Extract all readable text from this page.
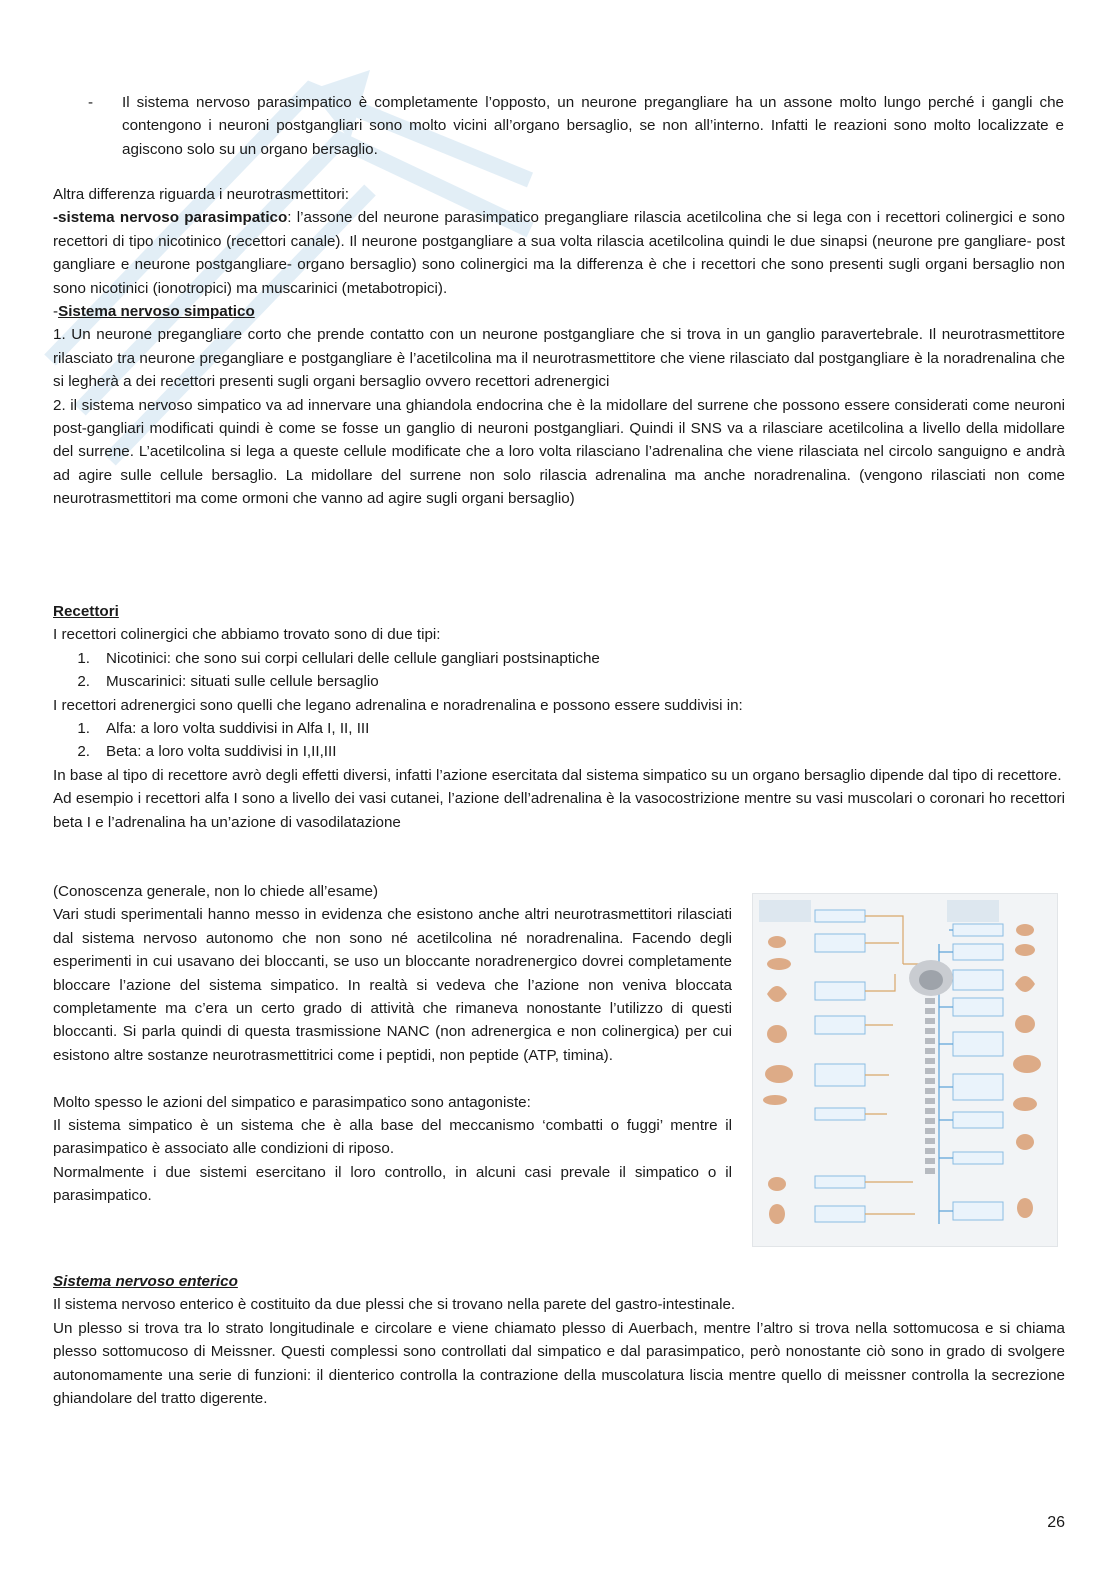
-	Il sistema nervoso parasimpatico è completamente l’opposto, un neurone pregangliare ha un assone molto lungo perché i gangli che contengono i neuroni postgangliari sono molto vicini all’organo bersaglio, se non all’interno. Infatti le reazioni sono molto localizzate e agiscono solo su un organo bersaglio.

Altra differenza riguarda i neurotrasmettitori:

-sistema nervoso parasimpatico: l’assone del neurone parasimpatico pregangliare rilascia acetilcolina che si lega con i recettori colinergici e sono recettori di tipo nicotinico (recettori canale). Il neurone postgangliare a sua volta rilascia acetilcolina quindi le due sinapsi (neurone pre gangliare- post gangliare e neurone postgangliare- organo bersaglio) sono colinergici ma la differenza è che i recettori che sono presenti sugli organi bersaglio non sono nicotinici (ionotropici) ma muscarinici (metabotropici).

-Sistema nervoso simpatico

1. Un neurone pregangliare corto che prende contatto con un neurone postgangliare che si trova in un ganglio paravertebrale. Il neurotrasmettitore rilasciato tra neurone pregangliare e postgangliare è l’acetilcolina ma il neurotrasmettitore che viene rilasciato dal postgangliare è la noradrenalina che si legherà a dei recettori presenti sugli organi bersaglio ovvero recettori adrenergici

2. il sistema nervoso simpatico va ad innervare una ghiandola endocrina che è la midollare del surrene che possono essere considerati come neuroni post-gangliari modificati quindi è come se fosse un ganglio di neuroni postgangliari. Quindi il SNS va a rilasciare acetilcolina a livello della midollare del surrene. L’acetilcolina si lega a queste cellule modificate che a loro volta rilasciano l’adrenalina che viene rilasciata nel circolo sanguigno e andrà ad agire sulle cellule bersaglio. La midollare del surrene non solo rilascia adrenalina ma anche noradrenalina. (vengono rilasciati non come neurotrasmettitori ma come ormoni che vanno ad agire sugli organi bersaglio)

Recettori

I recettori colinergici che abbiamo trovato sono di due tipi:

1.	Nicotinici: che sono sui corpi cellulari delle cellule gangliari postsinaptiche
2.	Muscarinici: situati sulle cellule bersaglio

I recettori adrenergici sono quelli che legano adrenalina e noradrenalina e possono essere suddivisi in:

1.	Alfa: a loro volta suddivisi in Alfa I, II, III
2.	Beta: a loro volta suddivisi in I,II,III

In base al tipo di recettore avrò degli effetti diversi, infatti l’azione esercitata dal sistema simpatico su un organo bersaglio dipende dal tipo di recettore.

Ad esempio i recettori alfa I sono a livello dei vasi cutanei, l’azione dell’adrenalina è la vasocostrizione mentre su vasi muscolari o coronari ho recettori beta I e l’adrenalina ha un’azione di vasodilatazione

(Conoscenza generale, non lo chiede all’esame)

Vari studi sperimentali hanno messo in evidenza che esistono anche altri neurotrasmettitori rilasciati dal sistema nervoso autonomo che non sono né acetilcolina né noradrenalina. Facendo degli esperimenti in cui usavano dei bloccanti, se uso un bloccante noradrenergico dovrei completamente bloccare l’azione del sistema simpatico. In realtà si vedeva che l’azione non veniva bloccata completamente ma c’era un certo grado di attività che rimaneva nonostante l’utilizzo di questi bloccanti. Si parla quindi di questa trasmissione NANC (non adrenergica e non colinergica) per cui esistono altre sostanze neurotrasmettitrici come i peptidi, non peptide (ATP, timina).

Molto spesso le azioni del simpatico e parasimpatico sono antagoniste:

Il sistema simpatico è un sistema che è alla base del meccanismo ‘combatti o fuggi’ mentre il parasimpatico è associato alle condizioni di riposo.

Normalmente i due sistemi esercitano il loro controllo, in alcuni casi prevale il simpatico o il parasimpatico.

Sistema nervoso enterico

Il sistema nervoso enterico è costituito da due plessi che si trovano nella parete del gastro-intestinale.

Un plesso si trova tra lo strato longitudinale e circolare e viene chiamato plesso di Auerbach, mentre l’altro si trova nella sottomucosa e si chiama plesso sottomucoso di Meissner. Questi complessi sono controllati dal simpatico e dal parasimpatico, però nonostante ciò sono in grado di svolgere autonomamente una serie di funzioni: il dienterico controlla la contrazione della muscolatura liscia mentre quello di meissner controlla la secrezione ghiandolare del tratto digerente.

26
